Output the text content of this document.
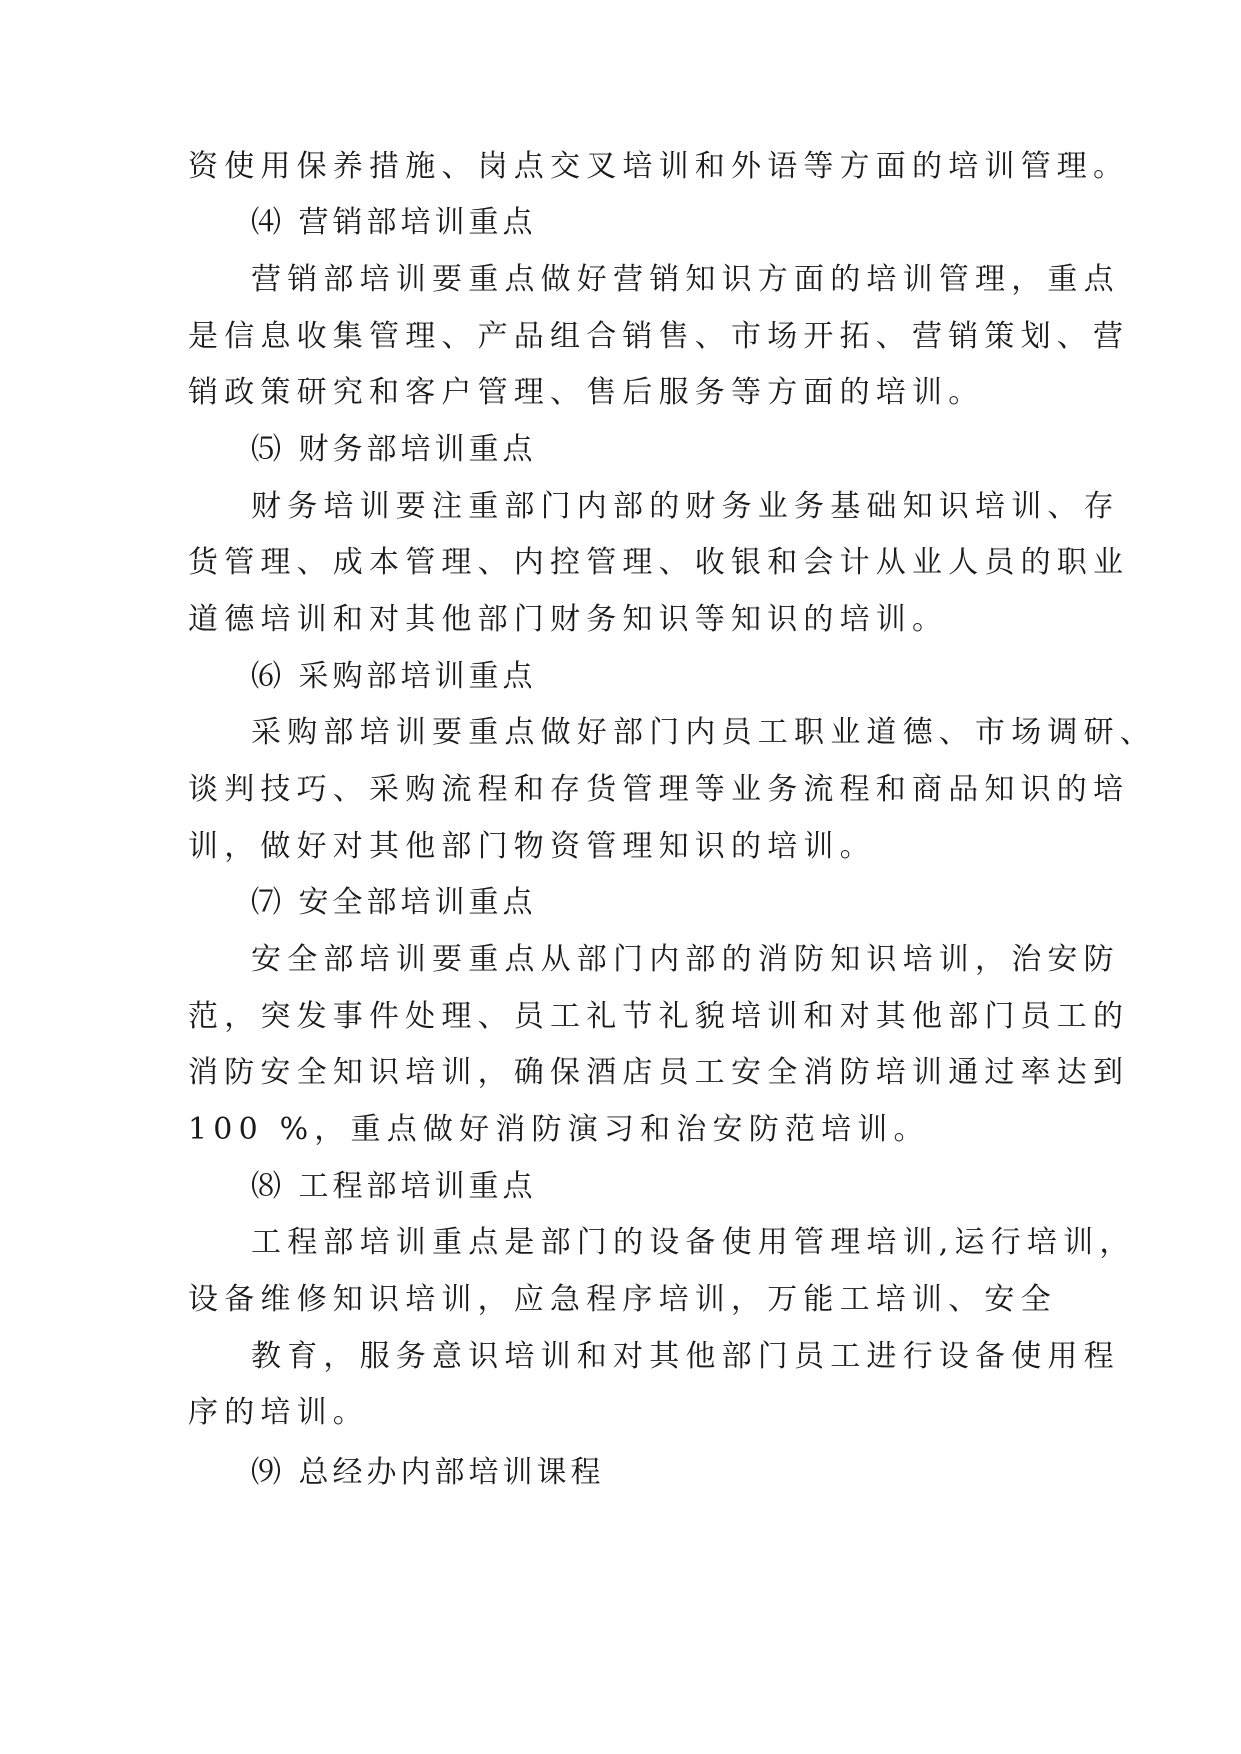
资使用保养措施、岗点交叉培训和外语等方面的培训管理。
⑷ 营销部培训重点
营销部培训要重点做好营销知识方面的培训管理，重点
是信息收集管理、产品组合销售、市场开拓、营销策划、营
销政策研究和客户管理、售后服务等方面的培训。
⑸ 财务部培训重点
财务培训要注重部门内部的财务业务基础知识培训、存
货管理、成本管理、内控管理、收银和会计从业人员的职业
道德培训和对其他部门财务知识等知识的培训。
⑹ 采购部培训重点
采购部培训要重点做好部门内员工职业道德、市场调研、
谈判技巧、采购流程和存货管理等业务流程和商品知识的培
训，做好对其他部门物资管理知识的培训。
⑺ 安全部培训重点
安全部培训要重点从部门内部的消防知识培训，治安防
范，突发事件处理、员工礼节礼貌培训和对其他部门员工的
消防安全知识培训，确保酒店员工安全消防培训通过率达到
100 %，重点做好消防演习和治安防范培训。
⑻ 工程部培训重点
工程部培训重点是部门的设备使用管理培训,运行培训，
设备维修知识培训，应急程序培训，万能工培训、安全
教育，服务意识培训和对其他部门员工进行设备使用程
序的培训。
⑼ 总经办内部培训课程
